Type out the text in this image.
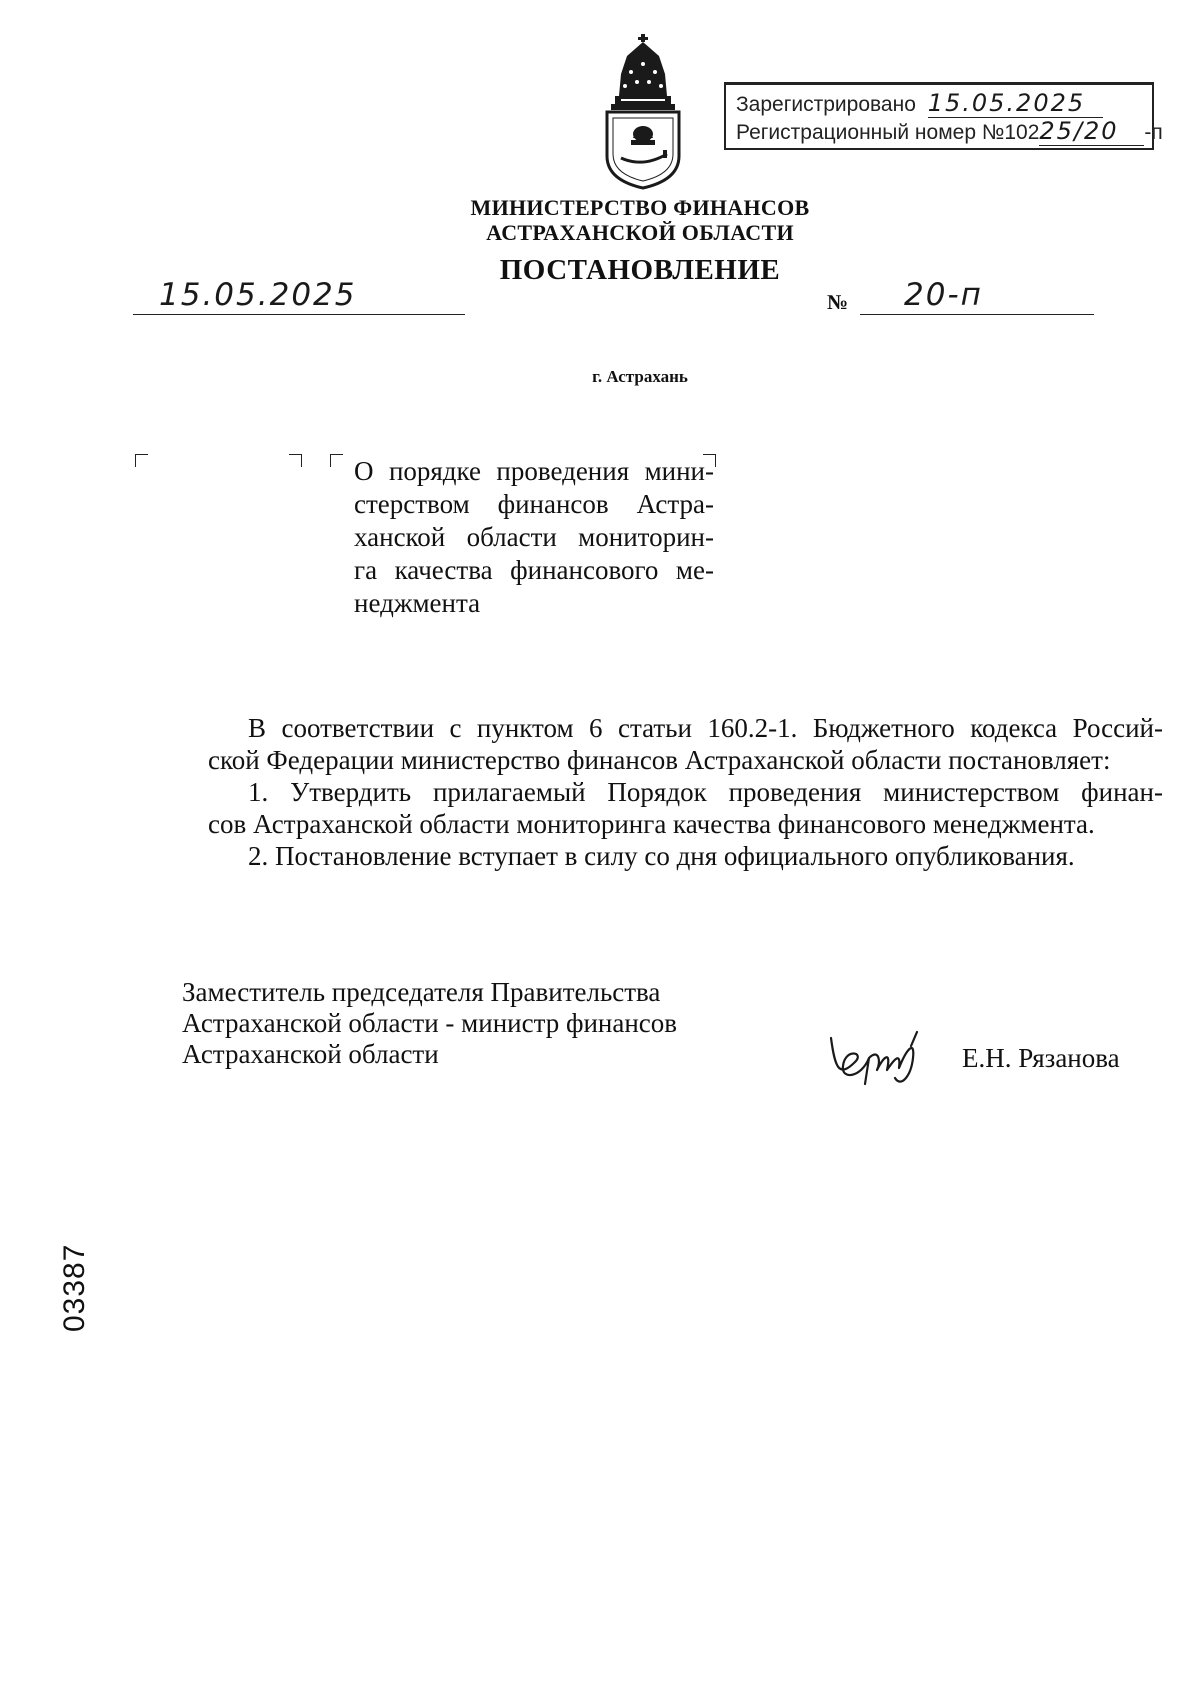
Зарегистрировано 15.05.2025
Регистрационный номер №10225/20 -п
МИНИСТЕРСТВО ФИНАНСОВ
АСТРАХАНСКОЙ ОБЛАСТИ
ПОСТАНОВЛЕНИЕ
15.05.2025	№ 20-п
г. Астрахань
О порядке проведения мини-
стерством финансов Астра-
ханской области мониторин-
га качества финансового ме-
неджмента
В соответствии с пунктом 6 статьи 160.2-1. Бюджетного кодекса Россий-
ской Федерации министерство финансов Астраханской области постановляет:
1. Утвердить прилагаемый Порядок проведения министерством финан-
сов Астраханской области мониторинга качества финансового менеджмента.
2. Постановление вступает в силу со дня официального опубликования.
Заместитель председателя Правительства
Астраханской области - министр финансов
Астраханской области	Е.Н. Рязанова
03387
